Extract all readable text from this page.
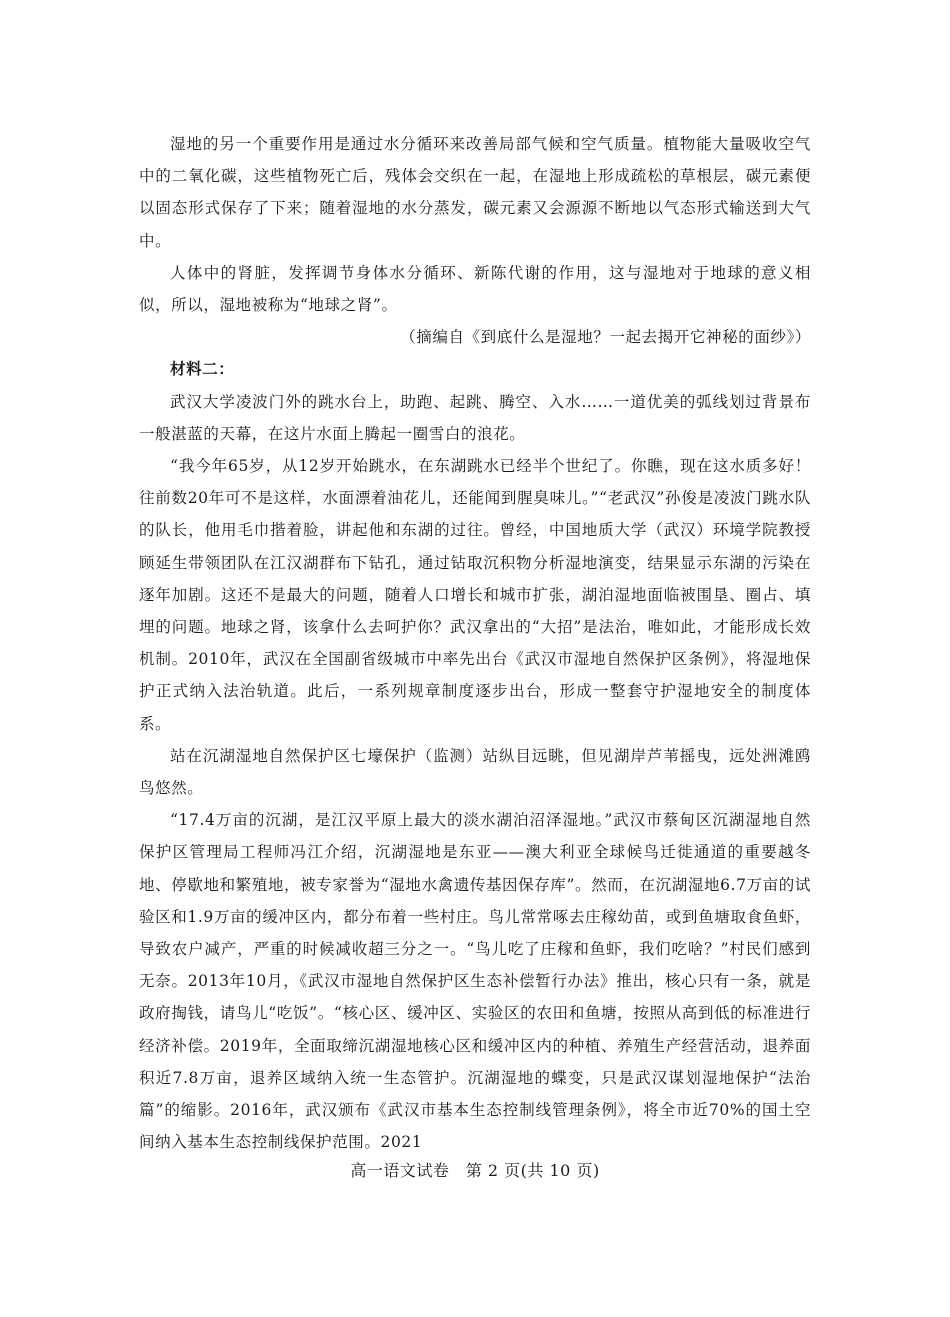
湿地的另一个重要作用是通过水分循环来改善局部气候和空气质量。植物能大量吸收空气中的二氧化碳，这些植物死亡后，残体会交织在一起，在湿地上形成疏松的草根层，碳元素便以固态形式保存了下来；随着湿地的水分蒸发，碳元素又会源源不断地以气态形式输送到大气中。

人体中的肾脏，发挥调节身体水分循环、新陈代谢的作用，这与湿地对于地球的意义相似，所以，湿地被称为“地球之肾”。

（摘编自《到底什么是湿地？一起去揭开它神秘的面纱》）

材料二：

武汉大学凌波门外的跳水台上，助跑、起跳、腾空、入水……一道优美的弧线划过背景布一般湛蓝的天幕，在这片水面上腾起一圈雪白的浪花。

“我今年65岁，从12岁开始跳水，在东湖跳水已经半个世纪了。你瞧，现在这水质多好！往前数20年可不是这样，水面漂着油花儿，还能闻到腥臭味儿。”“老武汉”孙俊是凌波门跳水队的队长，他用毛巾揩着脸，讲起他和东湖的过往。曾经，中国地质大学（武汉）环境学院教授顾延生带领团队在江汉湖群布下钻孔，通过钻取沉积物分析湿地演变，结果显示东湖的污染在逐年加剧。这还不是最大的问题，随着人口增长和城市扩张，湖泊湿地面临被围垦、圈占、填埋的问题。地球之肾，该拿什么去呵护你？武汉拿出的“大招”是法治，唯如此，才能形成长效机制。2010年，武汉在全国副省级城市中率先出台《武汉市湿地自然保护区条例》，将湿地保护正式纳入法治轨道。此后，一系列规章制度逐步出台，形成一整套守护湿地安全的制度体系。

站在沉湖湿地自然保护区七壕保护（监测）站纵目远眺，但见湖岸芦苇摇曳，远处洲滩鸥鸟悠然。

“17.4万亩的沉湖，是江汉平原上最大的淡水湖泊沼泽湿地。”武汉市蔡甸区沉湖湿地自然保护区管理局工程师冯江介绍，沉湖湿地是东亚——澳大利亚全球候鸟迁徙通道的重要越冬地、停歇地和繁殖地，被专家誉为“湿地水禽遗传基因保存库”。然而，在沉湖湿地6.7万亩的试验区和1.9万亩的缓冲区内，都分布着一些村庄。鸟儿常常啄去庄稼幼苗，或到鱼塘取食鱼虾，导致农户减产，严重的时候减收超三分之一。“鸟儿吃了庄稼和鱼虾，我们吃啥？”村民们感到无奈。2013年10月，《武汉市湿地自然保护区生态补偿暂行办法》推出，核心只有一条，就是政府掏钱，请鸟儿“吃饭”。“核心区、缓冲区、实验区的农田和鱼塘，按照从高到低的标准进行经济补偿。2019年，全面取缔沉湖湿地核心区和缓冲区内的种植、养殖生产经营活动，退养面积近7.8万亩，退养区域纳入统一生态管护。沉湖湿地的蝶变，只是武汉谋划湿地保护“法治篇”的缩影。2016年，武汉颁布《武汉市基本生态控制线管理条例》，将全市近70%的国土空间纳入基本生态控制线保护范围。2021

高一语文试卷　第 2 页(共 10 页)
